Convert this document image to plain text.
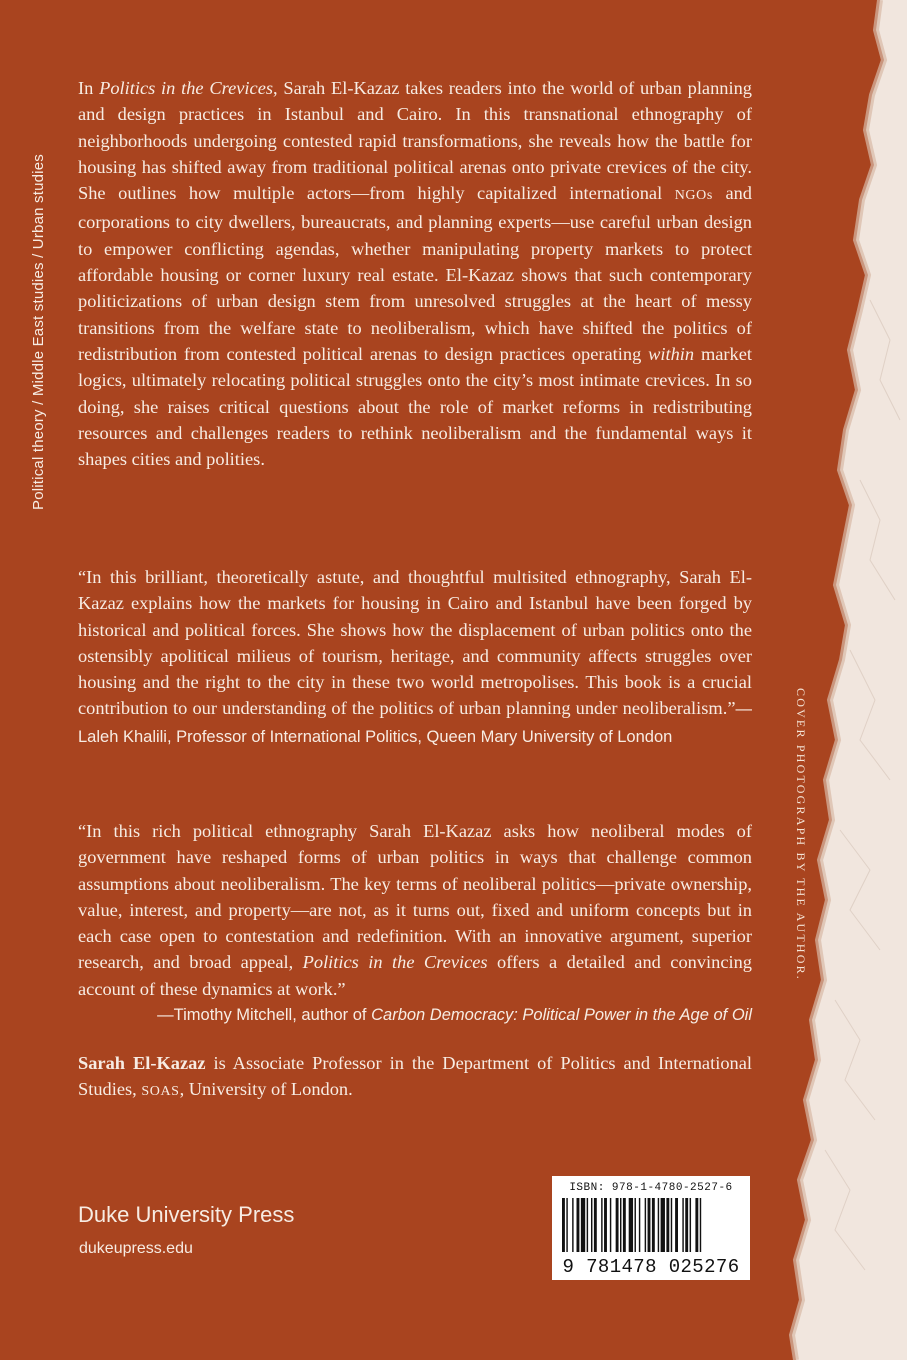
Political theory / Middle East studies / Urban studies
COVER PHOTOGRAPH BY THE AUTHOR.
In Politics in the Crevices, Sarah El-Kazaz takes readers into the world of urban planning and design practices in Istanbul and Cairo. In this transnational ethnography of neighborhoods undergoing contested rapid transformations, she reveals how the battle for housing has shifted away from traditional political arenas onto private crevices of the city. She outlines how multiple actors—from highly capitalized international NGOs and corporations to city dwellers, bureaucrats, and planning experts—use careful urban design to empower conflicting agendas, whether manipulating property markets to protect affordable housing or corner luxury real estate. El-Kazaz shows that such contemporary politicizations of urban design stem from unresolved struggles at the heart of messy transitions from the welfare state to neoliberalism, which have shifted the politics of redistribution from contested political arenas to design practices operating within market logics, ultimately relocating political struggles onto the city’s most intimate crevices. In so doing, she raises critical questions about the role of market reforms in redistributing resources and challenges readers to rethink neoliberalism and the fundamental ways it shapes cities and polities.
“In this brilliant, theoretically astute, and thoughtful multisited ethnography, Sarah El-Kazaz explains how the markets for housing in Cairo and Istanbul have been forged by historical and political forces. She shows how the displacement of urban politics onto the ostensibly apolitical milieus of tourism, heritage, and community affects struggles over housing and the right to the city in these two world metropolises. This book is a crucial contribution to our understanding of the politics of urban planning under neoliberalism.”—Laleh Khalili, Professor of International Politics, Queen Mary University of London
“In this rich political ethnography Sarah El-Kazaz asks how neoliberal modes of government have reshaped forms of urban politics in ways that challenge common assumptions about neoliberalism. The key terms of neoliberal politics—private ownership, value, interest, and property—are not, as it turns out, fixed and uniform concepts but in each case open to contestation and redefinition. With an innovative argument, superior research, and broad appeal, Politics in the Crevices offers a detailed and convincing account of these dynamics at work.”
—Timothy Mitchell, author of Carbon Democracy: Political Power in the Age of Oil
Sarah El-Kazaz is Associate Professor in the Department of Politics and International Studies, SOAS, University of London.
Duke University Press
dukeupress.edu
ISBN: 978-1-4780-2527-6
9 781478 025276
